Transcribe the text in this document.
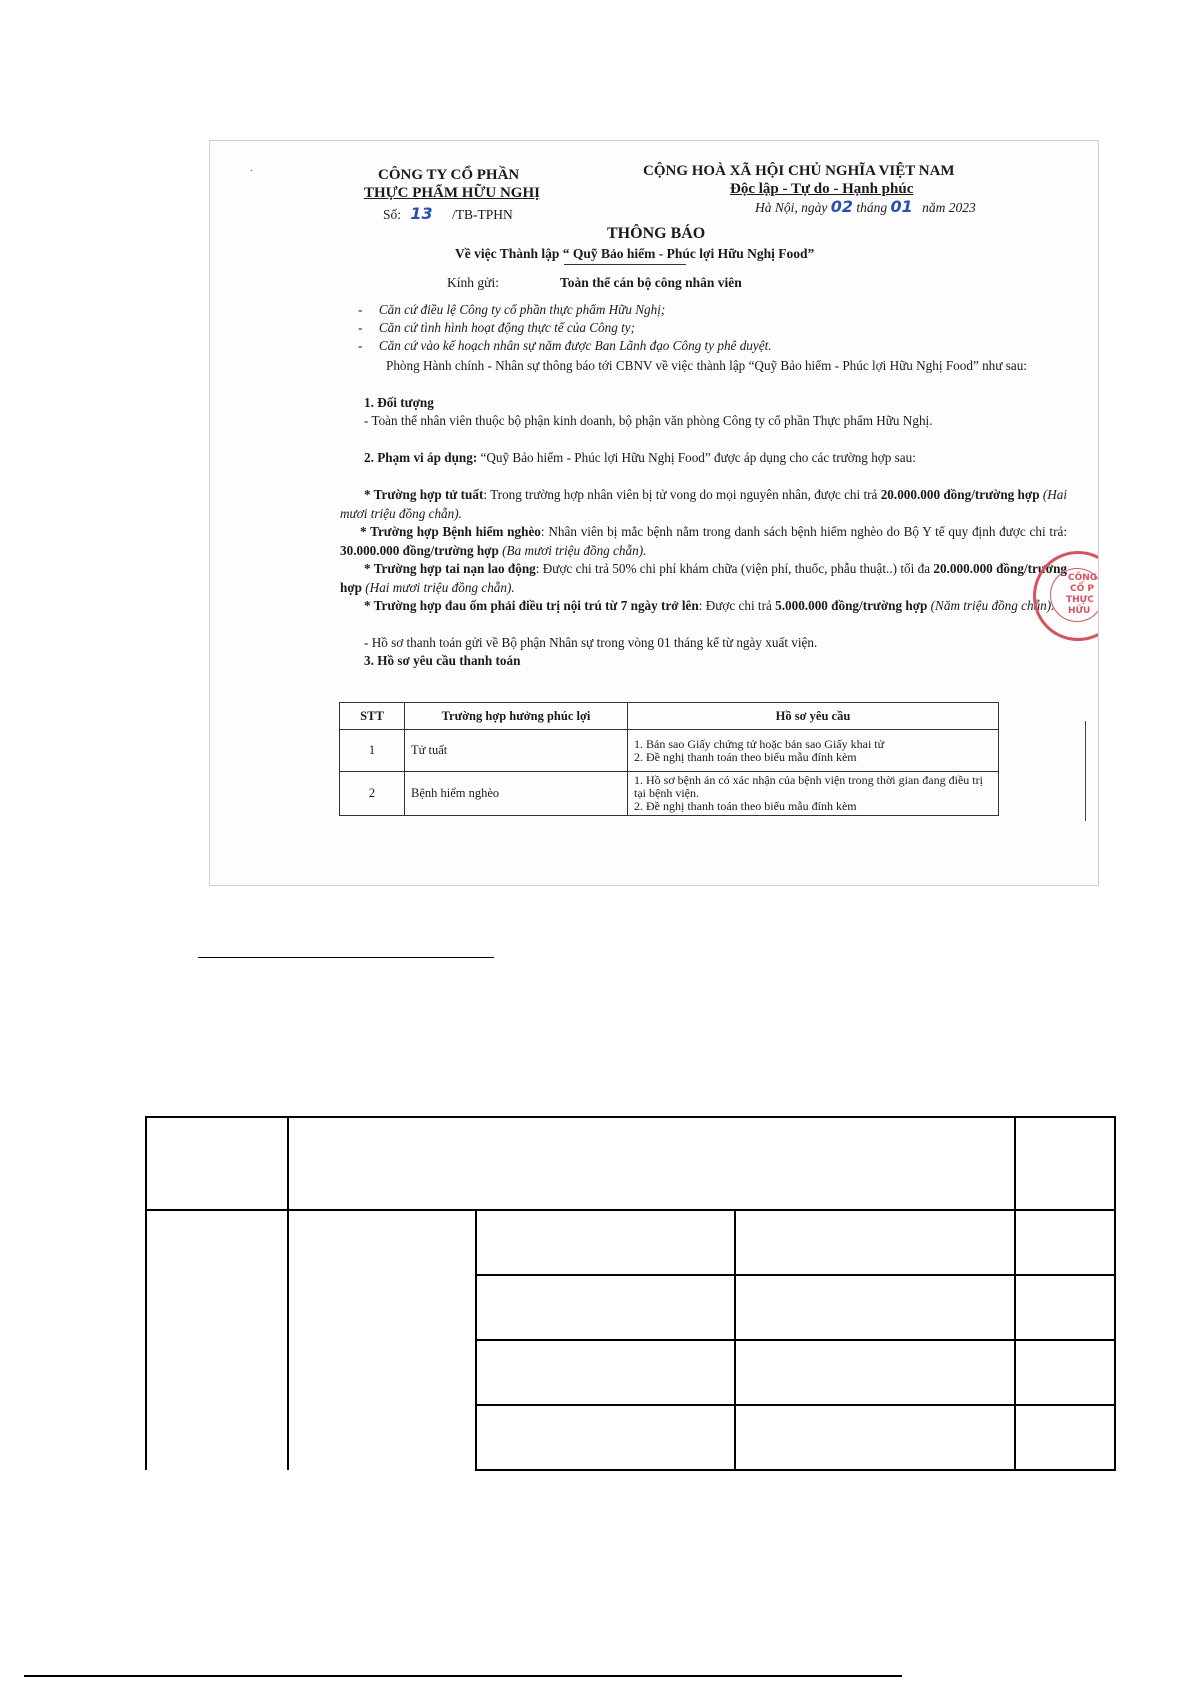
⸱	CÔNG TY CỔ PHẦN
THỰC PHẨM HỮU NGHỊ
Số: 13 /TB-TPHN
CỘNG HOÀ XÃ HỘI CHỦ NGHĨA VIỆT NAM
Độc lập - Tự do - Hạnh phúc
Hà Nội, ngày 02 tháng 01 năm 2023
THÔNG BÁO
Về việc Thành lập “ Quỹ Bảo hiểm - Phúc lợi Hữu Nghị Food”
Kính gửi:	Toàn thể cán bộ công nhân viên
-     Căn cứ điều lệ Công ty cổ phần thực phẩm Hữu Nghị;
-     Căn cứ tình hình hoạt động thực tế của Công ty;
-     Căn cứ vào kế hoạch nhân sự năm được Ban Lãnh đạo Công ty phê duyệt.
Phòng Hành chính - Nhân sự thông báo tới CBNV về việc thành lập “Quỹ Bảo hiểm - Phúc lợi Hữu Nghị Food” như sau:
1. Đối tượng
- Toàn thể nhân viên thuộc bộ phận kinh doanh, bộ phận văn phòng Công ty cổ phần Thực phẩm Hữu Nghị.
2. Phạm vi áp dụng: “Quỹ Bảo hiểm - Phúc lợi Hữu Nghị Food” được áp dụng cho các trường hợp sau:
* Trường hợp tử tuất: Trong trường hợp nhân viên bị tử vong do mọi nguyên nhân, được chi trả 20.000.000 đồng/trường hợp (Hai mươi triệu đồng chẵn).
* Trường hợp Bệnh hiểm nghèo: Nhân viên bị mắc bệnh nằm trong danh sách bệnh hiểm nghèo do Bộ Y tế quy định được chi trả: 30.000.000 đồng/trường hợp (Ba mươi triệu đồng chẵn).
* Trường hợp tai nạn lao động: Được chi trả 50% chi phí khám chữa (viện phí, thuốc, phẫu thuật..) tối đa 20.000.000 đồng/trường hợp (Hai mươi triệu đồng chẵn).
* Trường hợp đau ốm phải điều trị nội trú từ 7 ngày trở lên: Được chi trả 5.000.000 đồng/trường hợp (Năm triệu đồng chẵn).
- Hồ sơ thanh toán gửi về Bộ phận Nhân sự trong vòng 01 tháng kể từ ngày xuất viện.
3. Hồ sơ yêu cầu thanh toán
STT	Trường hợp hưởng phúc lợi	Hồ sơ yêu cầu
1	Tử tuất	1. Bản sao Giấy chứng tử hoặc bản sao Giấy khai tử
2. Đề nghị thanh toán theo biểu mẫu đính kèm

2	Bệnh hiểm nghèo	1. Hồ sơ bệnh án có xác nhận của bệnh viện trong thời gian đang điều trị tại bệnh viện.
2. Đề nghị thanh toán theo biểu mẫu đính kèm
CÔNG
CỔ P
THỰC
HỮU
